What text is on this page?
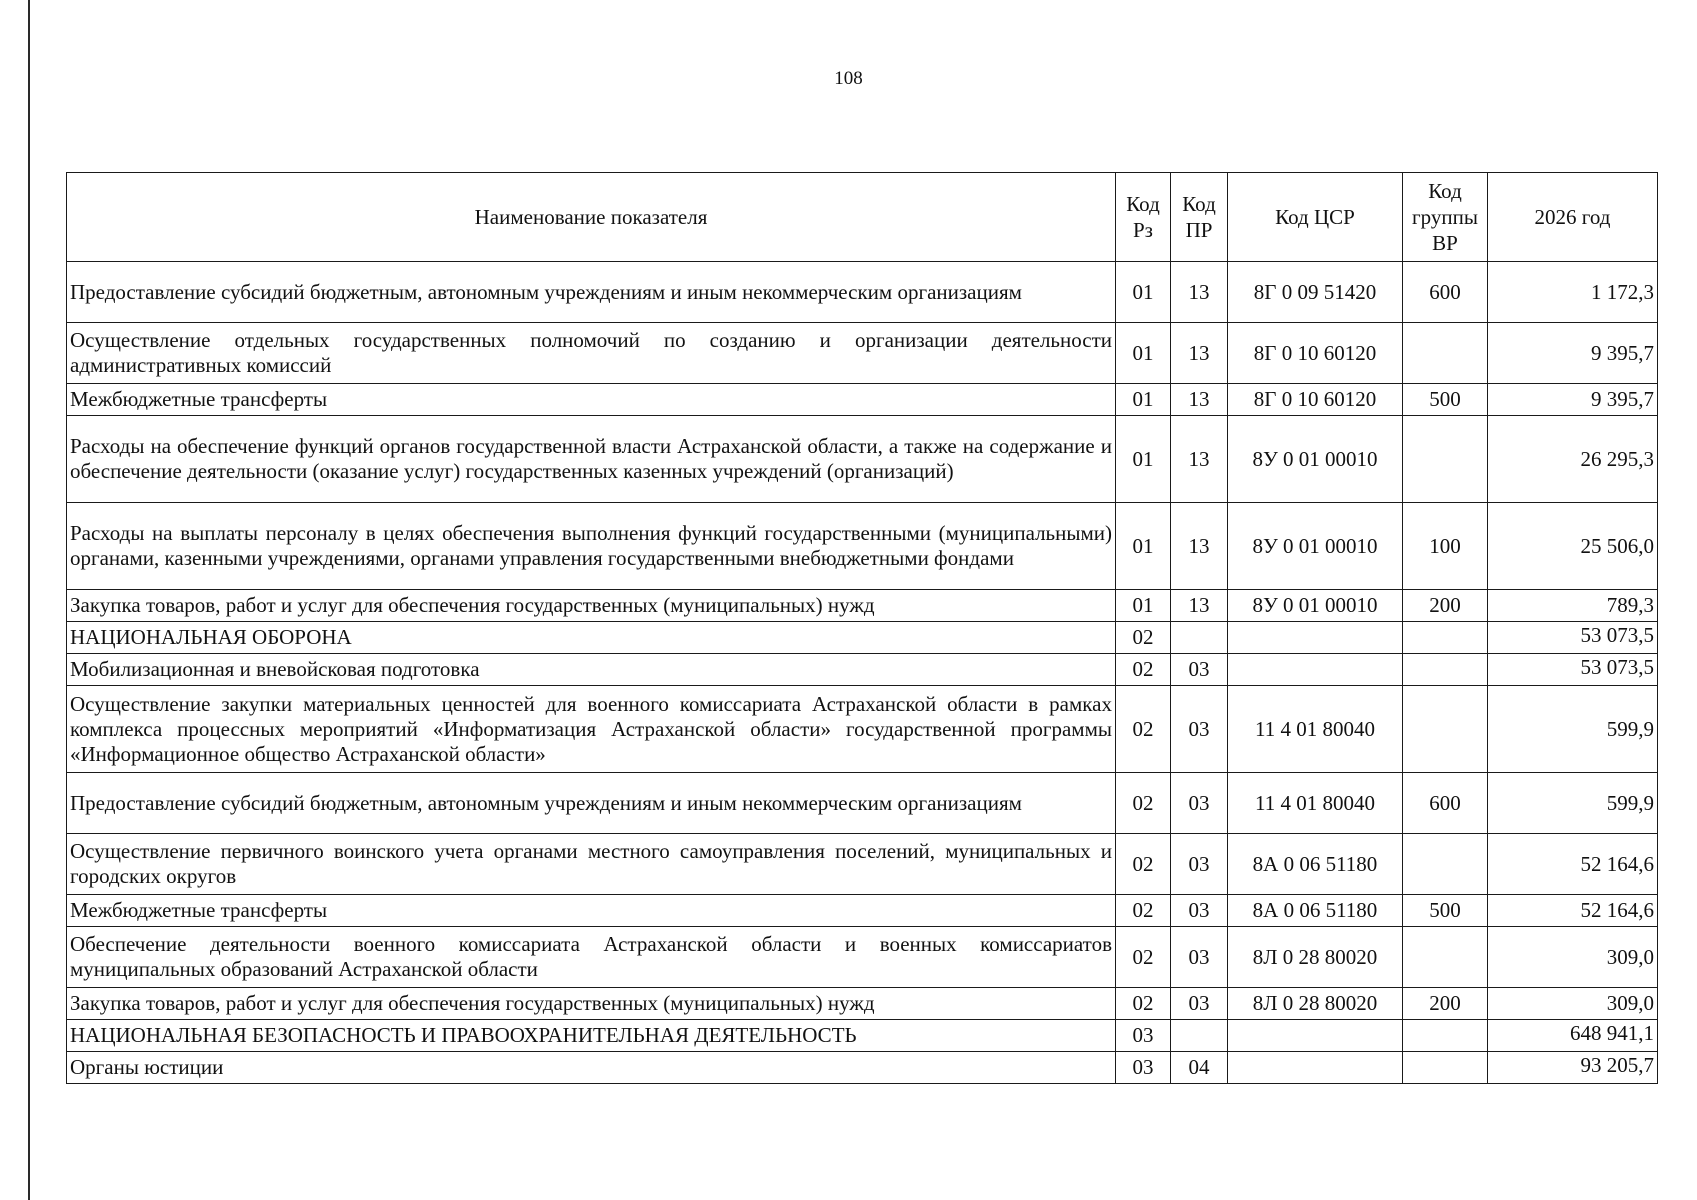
108
Наименование показателя	Код Рз	Код ПР	Код ЦСР	Код группы ВР	2026 год
Предоставление субсидий бюджетным, автономным учреждениям и иным некоммерческим организациям	01	13	8Г 0 09 51420	600	1 172,3
Осуществление отдельных государственных полномочий по созданию и организации деятельности административных комиссий	01	13	8Г 0 10 60120		9 395,7
Межбюджетные трансферты	01	13	8Г 0 10 60120	500	9 395,7
Расходы на обеспечение функций органов государственной власти Астраханской области, а также на содержание и обеспечение деятельности (оказание услуг) государственных казенных учреждений (организаций)	01	13	8У 0 01 00010		26 295,3
Расходы на выплаты персоналу в целях обеспечения выполнения функций государственными (муниципальными) органами, казенными учреждениями, органами управления государственными внебюджетными фондами	01	13	8У 0 01 00010	100	25 506,0
Закупка товаров, работ и услуг для обеспечения государственных (муниципальных) нужд	01	13	8У 0 01 00010	200	789,3
НАЦИОНАЛЬНАЯ ОБОРОНА	02				53 073,5
Мобилизационная и вневойсковая подготовка	02	03			53 073,5
Осуществление закупки материальных ценностей для военного комиссариата Астраханской области в рамках комплекса процессных мероприятий «Информатизация Астраханской области» государственной программы «Информационное общество Астраханской области»	02	03	11 4 01 80040		599,9
Предоставление субсидий бюджетным, автономным учреждениям и иным некоммерческим организациям	02	03	11 4 01 80040	600	599,9
Осуществление первичного воинского учета органами местного самоуправления поселений, муниципальных и городских округов	02	03	8А 0 06 51180		52 164,6
Межбюджетные трансферты	02	03	8А 0 06 51180	500	52 164,6
Обеспечение деятельности военного комиссариата Астраханской области и военных комиссариатов муниципальных образований Астраханской области	02	03	8Л 0 28 80020		309,0
Закупка товаров, работ и услуг для обеспечения государственных (муниципальных) нужд	02	03	8Л 0 28 80020	200	309,0
НАЦИОНАЛЬНАЯ БЕЗОПАСНОСТЬ И ПРАВООХРАНИТЕЛЬНАЯ ДЕЯТЕЛЬНОСТЬ	03				648 941,1
Органы юстиции	03	04			93 205,7
